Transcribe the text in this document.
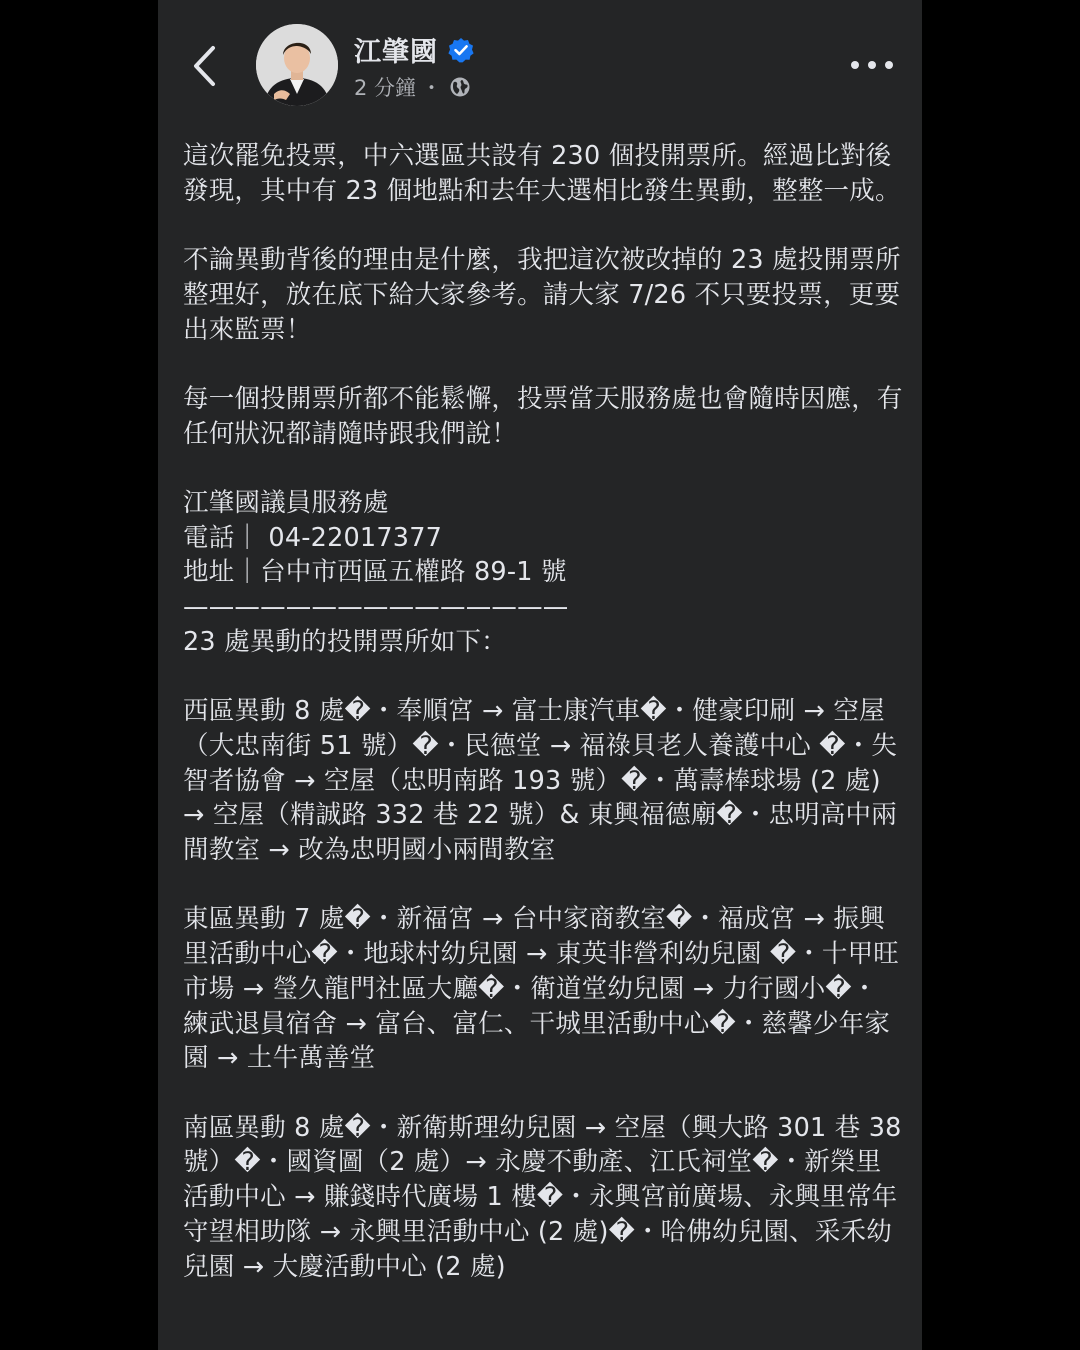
江肇國
2 分鐘 ・
這次罷免投票，中六選區共設有 230 個投開票所。經過比對後發現，其中有 23 個地點和去年大選相比發生異動，整整一成。

不論異動背後的理由是什麼，我把這次被改掉的 23 處投開票所整理好，放在底下給大家參考。請大家 7/26 不只要投票，更要出來監票！

每一個投開票所都不能鬆懈，投票當天服務處也會隨時因應，有任何狀況都請隨時跟我們說！

江肇國議員服務處
電話｜ 04-22017377
地址｜台中市西區五權路 89-1 號
———————————————
23 處異動的投開票所如下：

西區異動 8 處�・奉順宮 → 富士康汽車�・健豪印刷 → 空屋（大忠南街 51 號）�・民德堂 → 福祿貝老人養護中心 �・失智者協會 → 空屋（忠明南路 193 號）�・萬壽棒球場 (2 處) → 空屋（精誠路 332 巷 22 號）& 東興福德廟�・忠明高中兩間教室 → 改為忠明國小兩間教室

東區異動 7 處�・新福宮 → 台中家商教室�・福成宮 → 振興里活動中心�・地球村幼兒園 → 東英非營利幼兒園 �・十甲旺市場 → 瑩久龍門社區大廳�・衛道堂幼兒園 → 力行國小�・練武退員宿舍 → 富台、富仁、干城里活動中心�・慈馨少年家園 → 土牛萬善堂

南區異動 8 處�・新衛斯理幼兒園 → 空屋（興大路 301 巷 38 號）�・國資圖（2 處）→ 永慶不動產、江氏祠堂�・新榮里活動中心 → 賺錢時代廣場 1 樓�・永興宮前廣場、永興里常年守望相助隊 → 永興里活動中心 (2 處)�・哈佛幼兒園、采禾幼兒園 → 大慶活動中心 (2 處)
